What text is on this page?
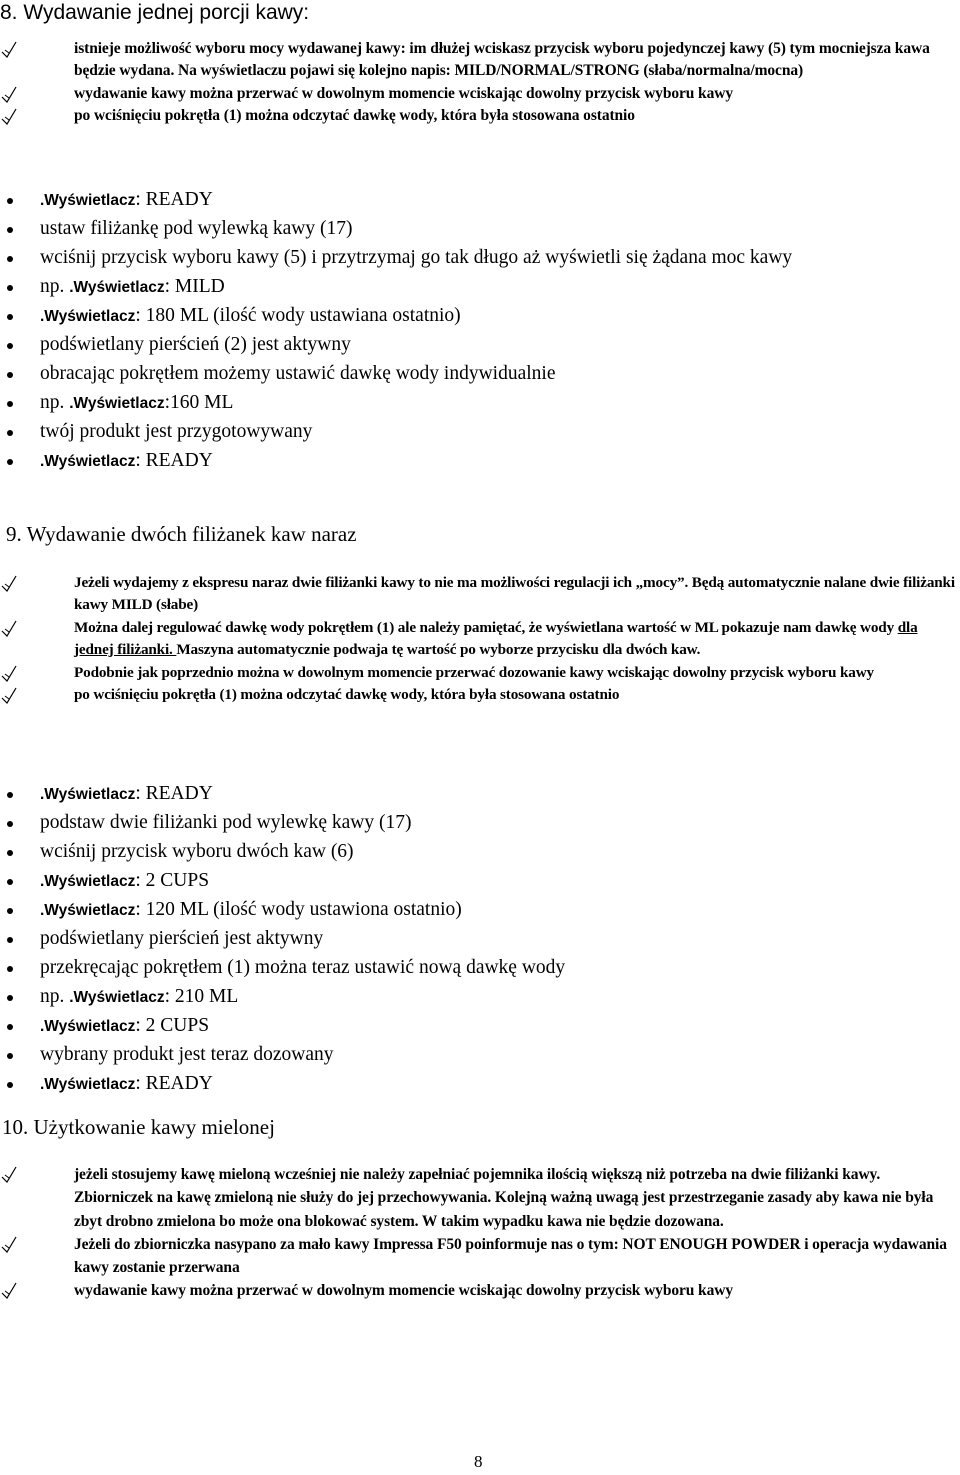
8. Wydawanie jednej porcji kawy:
istnieje możliwość wyboru mocy wydawanej kawy: im dłużej wciskasz przycisk wyboru pojedynczej kawy (5) tym mocniejsza kawa będzie wydana. Na wyświetlaczu pojawi się kolejno napis: MILD/NORMAL/STRONG (słaba/normalna/mocna)
wydawanie kawy można przerwać w dowolnym momencie wciskając dowolny przycisk wyboru kawy
po wciśnięciu pokrętła (1) można odczytać dawkę wody, która była stosowana ostatnio
.Wyświetlacz: READY
ustaw filiżankę pod wylewką kawy (17)
wciśnij przycisk wyboru kawy (5) i przytrzymaj go tak długo aż wyświetli się żądana moc kawy
np. .Wyświetlacz: MILD
.Wyświetlacz: 180 ML (ilość wody ustawiana ostatnio)
podświetlany pierścień (2) jest aktywny
obracając pokrętłem możemy ustawić dawkę wody indywidualnie
np. .Wyświetlacz:160 ML
twój produkt jest przygotowywany
.Wyświetlacz: READY
9. Wydawanie dwóch filiżanek kaw naraz
Jeżeli wydajemy z ekspresu naraz dwie filiżanki kawy to nie ma możliwości regulacji ich „mocy”. Będą automatycznie nalane dwie filiżanki kawy MILD (słabe)
Można dalej regulować dawkę wody pokrętłem (1) ale należy pamiętać, że wyświetlana wartość w ML pokazuje nam dawkę wody dla jednej filiżanki. Maszyna automatycznie podwaja tę wartość po wyborze przycisku dla dwóch kaw.
Podobnie jak poprzednio można w dowolnym momencie przerwać dozowanie kawy wciskając dowolny przycisk wyboru kawy
po wciśnięciu pokrętła (1) można odczytać dawkę wody, która była stosowana ostatnio
.Wyświetlacz: READY
podstaw dwie filiżanki pod wylewkę kawy (17)
wciśnij przycisk wyboru dwóch kaw (6)
.Wyświetlacz: 2 CUPS
.Wyświetlacz: 120 ML (ilość wody ustawiona ostatnio)
podświetlany pierścień jest aktywny
przekręcając pokrętłem (1) można teraz ustawić nową dawkę wody
np. .Wyświetlacz: 210 ML
.Wyświetlacz: 2 CUPS
wybrany produkt jest teraz dozowany
.Wyświetlacz: READY
10. Użytkowanie kawy mielonej
jeżeli stosujemy kawę mieloną wcześniej nie należy zapełniać pojemnika ilością większą niż potrzeba na dwie filiżanki kawy. Zbiorniczek na kawę zmieloną nie służy do jej przechowywania. Kolejną ważną uwagą jest przestrzeganie zasady aby kawa nie była zbyt drobno zmielona bo może ona blokować system. W takim wypadku kawa nie będzie dozowana.
Jeżeli do zbiorniczka nasypano za mało kawy Impressa F50 poinformuje nas o tym: NOT ENOUGH POWDER i operacja wydawania kawy zostanie przerwana
wydawanie kawy można przerwać w dowolnym momencie wciskając dowolny przycisk wyboru kawy
8
